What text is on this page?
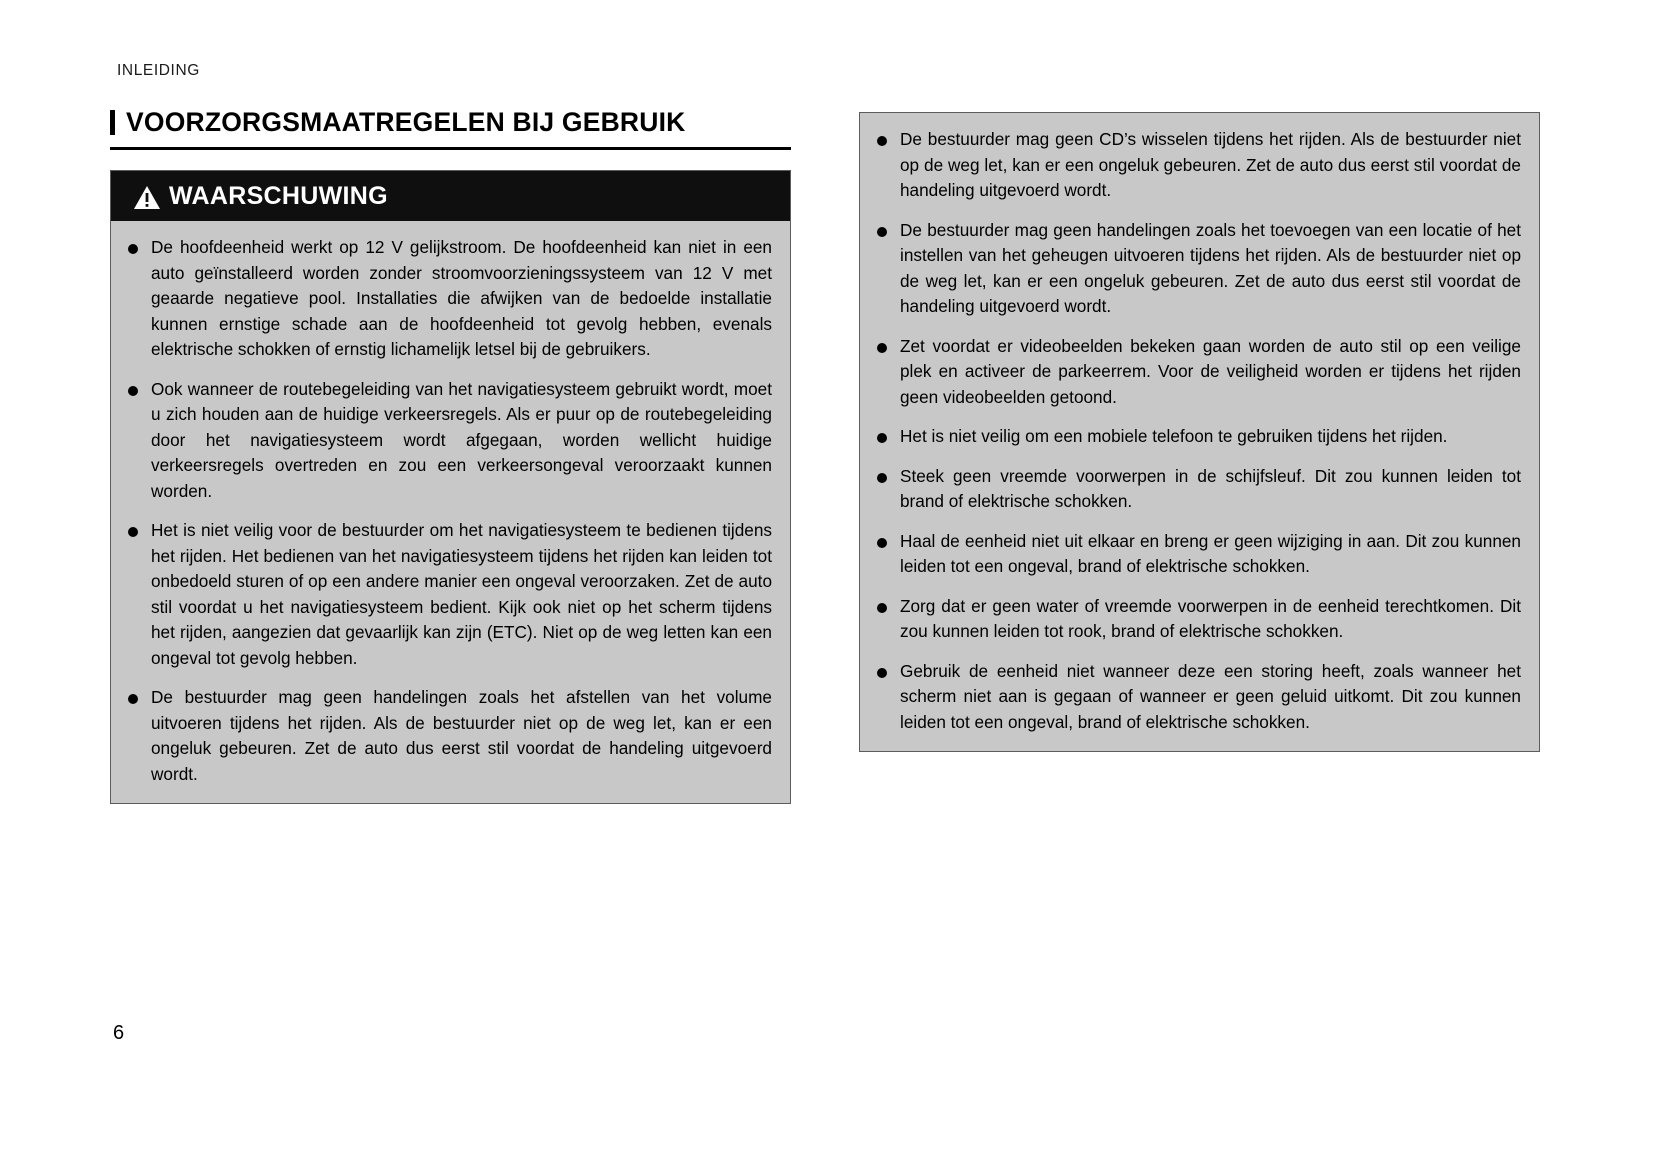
INLEIDING
VOORZORGSMAATREGELEN BIJ GEBRUIK
WAARSCHUWING
De hoofdeenheid werkt op 12 V gelijkstroom. De hoofdeenheid kan niet in een auto geïnstalleerd worden zonder stroomvoorzieningssysteem van 12 V met geaarde negatieve pool. Installaties die afwijken van de bedoelde installatie kunnen ernstige schade aan de hoofdeenheid tot gevolg hebben, evenals elektrische schokken of ernstig lichamelijk letsel bij de gebruikers.
Ook wanneer de routebegeleiding van het navigatiesysteem gebruikt wordt, moet u zich houden aan de huidige verkeersregels. Als er puur op de routebegeleiding door het navigatiesysteem wordt afgegaan, worden wellicht huidige verkeersregels overtreden en zou een verkeersongeval veroorzaakt kunnen worden.
Het is niet veilig voor de bestuurder om het navigatiesysteem te bedienen tijdens het rijden. Het bedienen van het navigatiesysteem tijdens het rijden kan leiden tot onbedoeld sturen of op een andere manier een ongeval veroorzaken. Zet de auto stil voordat u het navigatiesysteem bedient. Kijk ook niet op het scherm tijdens het rijden, aangezien dat gevaarlijk kan zijn (ETC). Niet op de weg letten kan een ongeval tot gevolg hebben.
De bestuurder mag geen handelingen zoals het afstellen van het volume uitvoeren tijdens het rijden. Als de bestuurder niet op de weg let, kan er een ongeluk gebeuren. Zet de auto dus eerst stil voordat de handeling uitgevoerd wordt.
De bestuurder mag geen CD’s wisselen tijdens het rijden. Als de bestuurder niet op de weg let, kan er een ongeluk gebeuren. Zet de auto dus eerst stil voordat de handeling uitgevoerd wordt.
De bestuurder mag geen handelingen zoals het toevoegen van een locatie of het instellen van het geheugen uitvoeren tijdens het rijden. Als de bestuurder niet op de weg let, kan er een ongeluk gebeuren. Zet de auto dus eerst stil voordat de handeling uitgevoerd wordt.
Zet voordat er videobeelden bekeken gaan worden de auto stil op een veilige plek en activeer de parkeerrem. Voor de veiligheid worden er tijdens het rijden geen videobeelden getoond.
Het is niet veilig om een mobiele telefoon te gebruiken tijdens het rijden.
Steek geen vreemde voorwerpen in de schijfsleuf. Dit zou kunnen leiden tot brand of elektrische schokken.
Haal de eenheid niet uit elkaar en breng er geen wijziging in aan. Dit zou kunnen leiden tot een ongeval, brand of elektrische schokken.
Zorg dat er geen water of vreemde voorwerpen in de eenheid terechtkomen. Dit zou kunnen leiden tot rook, brand of elektrische schokken.
Gebruik de eenheid niet wanneer deze een storing heeft, zoals wanneer het scherm niet aan is gegaan of wanneer er geen geluid uitkomt. Dit zou kunnen leiden tot een ongeval, brand of elektrische schokken.
6
